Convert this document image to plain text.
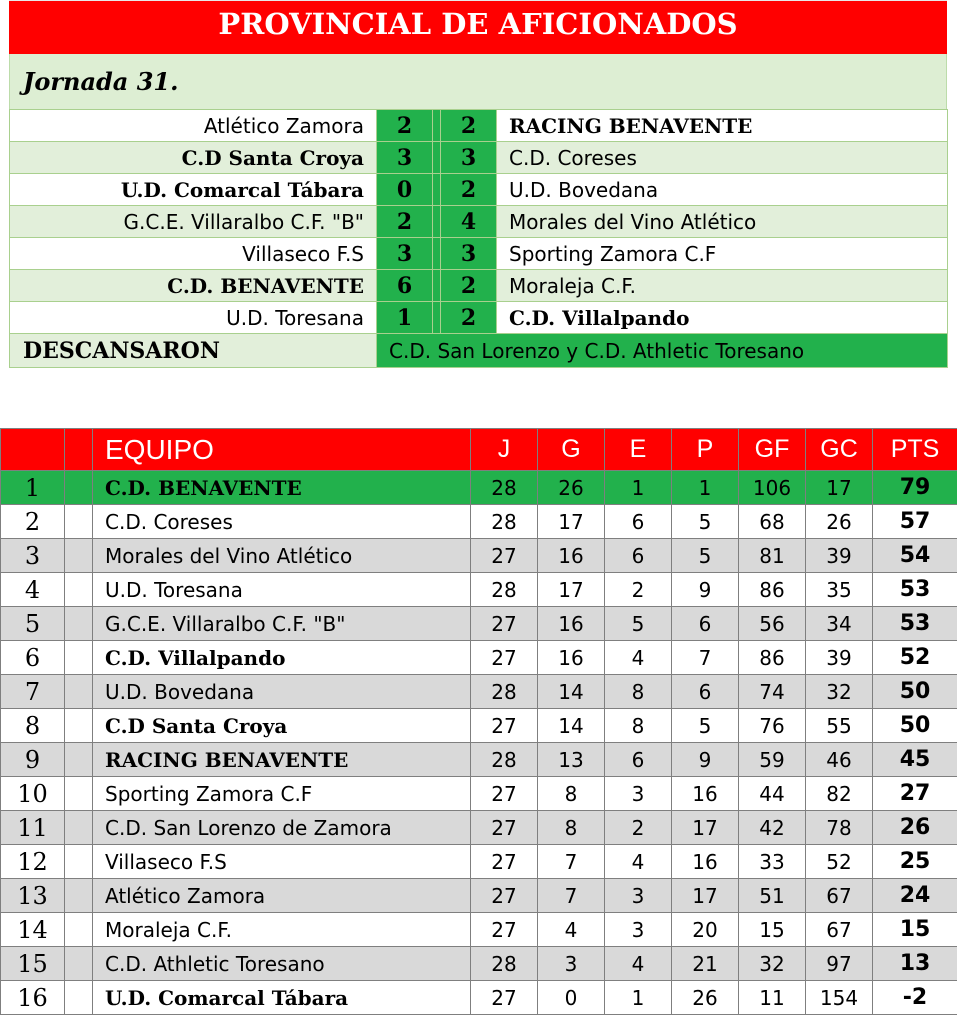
PROVINCIAL DE AFICIONADOS
Jornada 31.
Atlético Zamora	2		2	RACING BENAVENTE
C.D Santa Croya	3		3	C.D. Coreses
U.D. Comarcal Tábara	0		2	U.D. Bovedana
G.C.E. Villaralbo C.F. "B"	2		4	Morales del Vino Atlético
Villaseco F.S	3		3	Sporting Zamora C.F
C.D. BENAVENTE	6		2	Moraleja C.F.
U.D. Toresana	1		2	C.D. Villalpando
DESCANSARON	C.D. San Lorenzo y C.D. Athletic Toresano			
		EQUIPO	J	G	E	P	GF	GC	PTS
1		C.D. BENAVENTE	28	26	1	1	106	17	79
2		C.D. Coreses	28	17	6	5	68	26	57
3		Morales del Vino Atlético	27	16	6	5	81	39	54
4		U.D. Toresana	28	17	2	9	86	35	53
5		G.C.E. Villaralbo C.F. "B"	27	16	5	6	56	34	53
6		C.D. Villalpando	27	16	4	7	86	39	52
7		U.D. Bovedana	28	14	8	6	74	32	50
8		C.D Santa Croya	27	14	8	5	76	55	50
9		RACING BENAVENTE	28	13	6	9	59	46	45
10		Sporting Zamora C.F	27	8	3	16	44	82	27
11		C.D. San Lorenzo de Zamora	27	8	2	17	42	78	26
12		Villaseco F.S	27	7	4	16	33	52	25
13		Atlético Zamora	27	7	3	17	51	67	24
14		Moraleja C.F.	27	4	3	20	15	67	15
15		C.D. Athletic Toresano	28	3	4	21	32	97	13
16		U.D. Comarcal Tábara	27	0	1	26	11	154	-2
